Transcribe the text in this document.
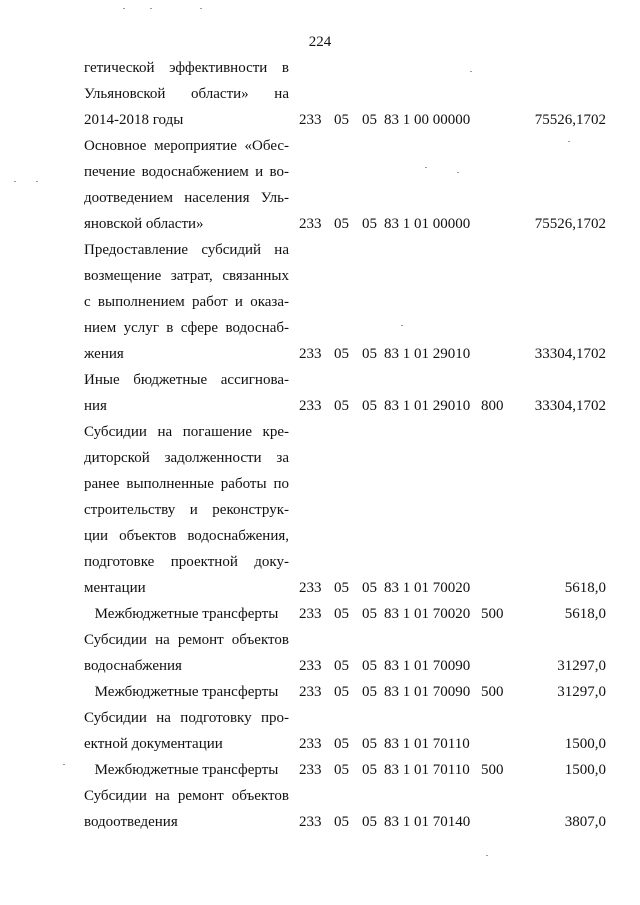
224
гетической эффективности в
Ульяновской области» на
2014-2018 годы	233 05 05 83 1 00 00000	75526,1702
Основное мероприятие «Обес-
печение водоснабжением и во-
доотведением населения Уль-
яновской области»	233 05 05 83 1 01 00000	75526,1702
Предоставление субсидий на
возмещение затрат, связанных
с выполнением работ и оказа-
нием услуг в сфере водоснаб-
жения	233 05 05 83 1 01 29010	33304,1702
Иные бюджетные ассигнова-
ния	233 05 05 83 1 01 29010 800 33304,1702
Субсидии на погашение кре-
диторской задолженности за
ранее выполненные работы по
строительству и реконструк-
ции объектов водоснабжения,
подготовке проектной доку-
ментации	233 05 05 83 1 01 70020	5618,0
Межбюджетные трансферты	233 05 05 83 1 01 70020 500	5618,0
Субсидии на ремонт объектов
водоснабжения	233 05 05 83 1 01 70090	31297,0
Межбюджетные трансферты	233 05 05 83 1 01 70090 500	31297,0
Субсидии на подготовку про-
ектной документации	233 05 05 83 1 01 70110	1500,0
Межбюджетные трансферты	233 05 05 83 1 01 70110 500	1500,0
Субсидии на ремонт объектов
водоотведения	233 05 05 83 1 01 70140	3807,0
